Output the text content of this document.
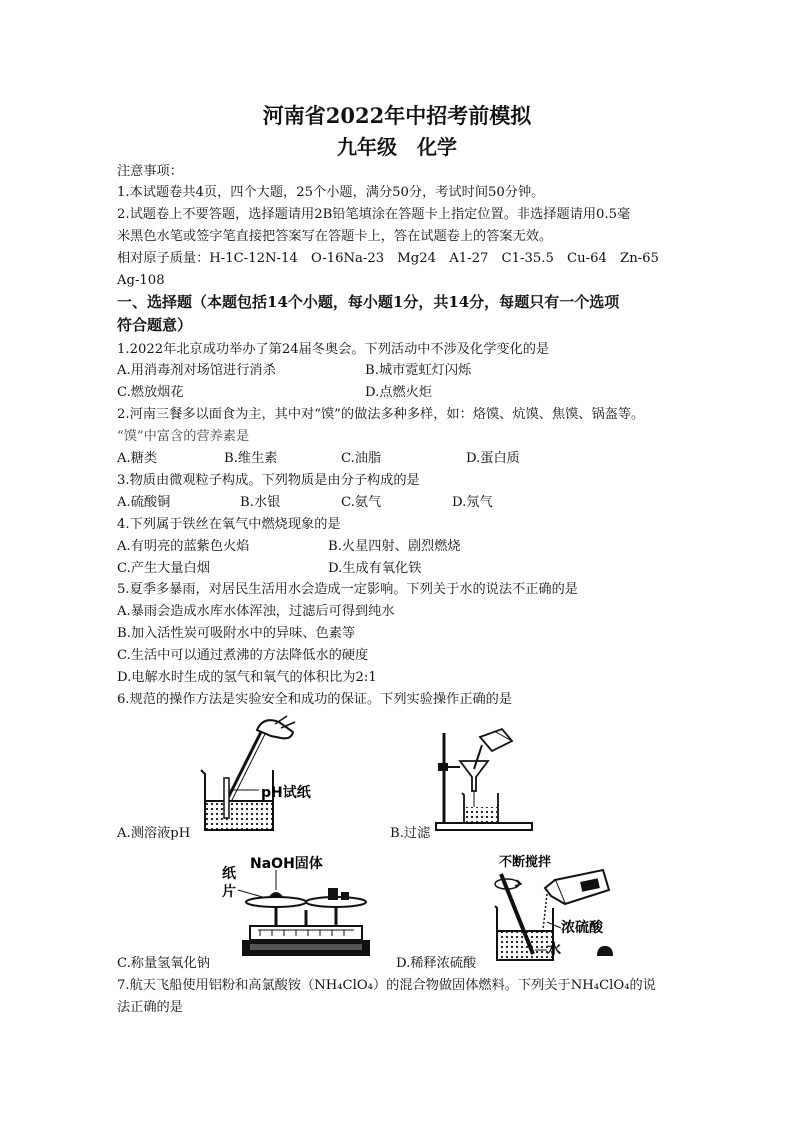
河南省2022年中招考前模拟
九年级　化学
注意事项：
1.本试题卷共4页，四个大题，25个小题，满分50分，考试时间50分钟。
2.试题卷上不要答题，选择题请用2B铅笔填涂在答题卡上指定位置。非选择题请用0.5毫
米黑色水笔或签字笔直接把答案写在答题卡上，答在试题卷上的答案无效。
相对原子质量：H-1C-12N-14　O-16Na-23　Mg24　A1-27　C1-35.5　Cu-64　Zn-65
Ag-108
一、选择题（本题包括14个小题，每小题1分，共14分，每题只有一个选项
符合题意）
1.2022年北京成功举办了第24届冬奥会。下列活动中不涉及化学变化的是
A.用消毒剂对场馆进行消杀	B.城市霓虹灯闪烁
C.燃放烟花	D.点燃火炬
2.河南三餐多以面食为主，其中对“馍”的做法多种多样，如：烙馍、炕馍、焦馍、锅盔等。
“馍”中富含的营养素是
A.糖类	B.维生素	C.油脂	D.蛋白质
3.物质由微观粒子构成。下列物质是由分子构成的是
A.硫酸铜	B.水银	C.氨气	D.氖气
4.下列属于铁丝在氧气中燃烧现象的是
A.有明亮的蓝紫色火焰	B.火星四射、剧烈燃烧
C.产生大量白烟	D.生成有氧化铁
5.夏季多暴雨，对居民生活用水会造成一定影响。下列关于水的说法不正确的是
A.暴雨会造成水库水体浑浊，过滤后可得到纯水
B.加入活性炭可吸附水中的异味、色素等
C.生活中可以通过煮沸的方法降低水的硬度
D.电解水时生成的氢气和氧气的体积比为2:1
6.规范的操作方法是实验安全和成功的保证。下列实验操作正确的是
pH试纸
A.测溶液pH	B.过滤
NaOH固体
纸
片
C.称量氢氧化钠
不断搅拌
浓硫酸
水
D.稀释浓硫酸
7.航天飞船使用铝粉和高氯酸铵（NH₄ClO₄）的混合物做固体燃料。下列关于NH₄ClO₄的说
法正确的是
